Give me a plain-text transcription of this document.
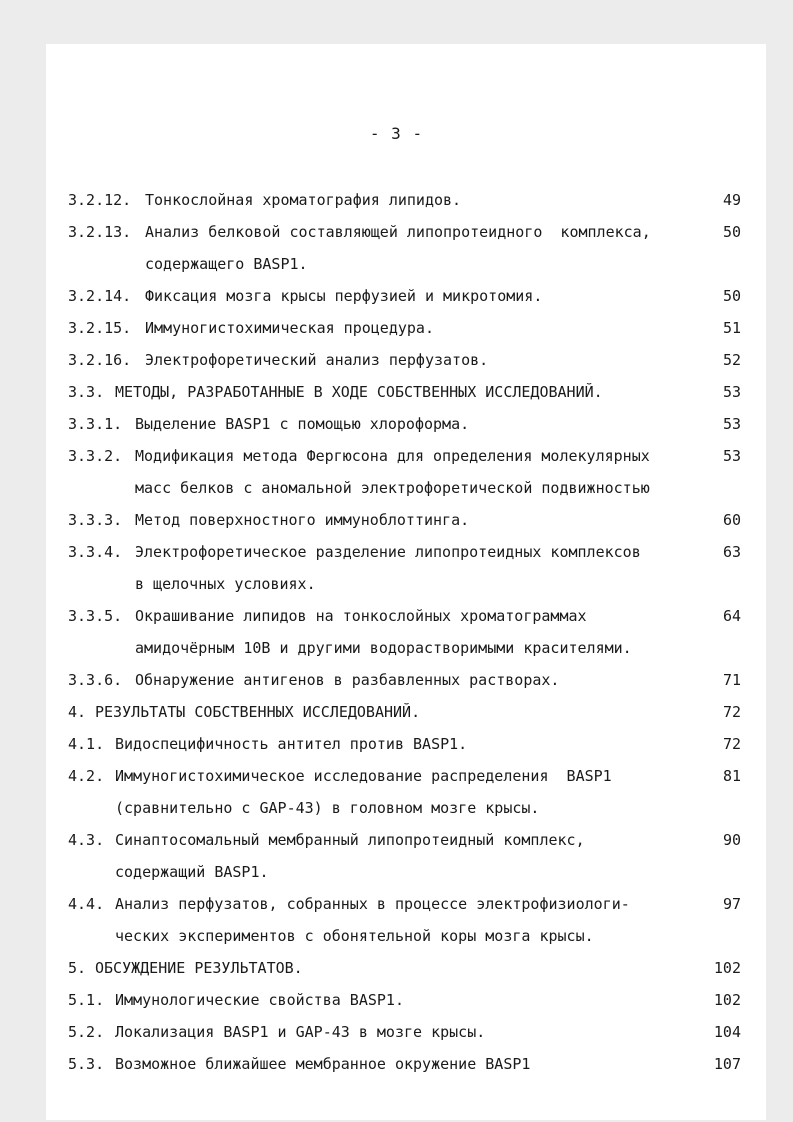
- 3 -
3.2.12. Тонкослойная хроматография липидов.	49
3.2.13. Анализ белковой составляющей липопротеидного  комплекса,	50
содержащего BASP1.
3.2.14. Фиксация мозга крысы перфузией и микротомия.	50
3.2.15. Иммуногистохимическая процедура.	51
3.2.16. Электрофоретический анализ перфузатов.	52
3.3. МЕТОДЫ, РАЗРАБОТАННЫЕ В ХОДЕ СОБСТВЕННЫХ ИССЛЕДОВАНИЙ.	53
3.3.1. Выделение BASP1 с помощью хлороформа.	53
3.3.2. Модификация метода Фергюсона для определения молекулярных	53
масс белков с аномальной электрофоретической подвижностью
3.3.3. Метод поверхностного иммуноблоттинга.	60
3.3.4. Электрофоретическое разделение липопротеидных комплексов	63
в щелочных условиях.
3.3.5. Окрашивание липидов на тонкослойных хроматограммах	64
амидочёрным 10В и другими водорастворимыми красителями.
3.3.6. Обнаружение антигенов в разбавленных растворах.	71
4. РЕЗУЛЬТАТЫ СОБСТВЕННЫХ ИССЛЕДОВАНИЙ.	72
4.1. Видоспецифичность антител против BASP1.	72
4.2. Иммуногистохимическое исследование распределения  BASP1	81
(сравнительно с GAP-43) в головном мозге крысы.
4.3. Синаптосомальный мембранный липопротеидный комплекс,	90
содержащий BASP1.
4.4. Анализ перфузатов, собранных в процессе электрофизиологи-	97
ческих экспериментов с обонятельной коры мозга крысы.
5. ОБСУЖДЕНИЕ РЕЗУЛЬТАТОВ.	102
5.1. Иммунологические свойства BASP1.	102
5.2. Локализация BASP1 и GAP-43 в мозге крысы.	104
5.3. Возможное ближайшее мембранное окружение BASP1	107
